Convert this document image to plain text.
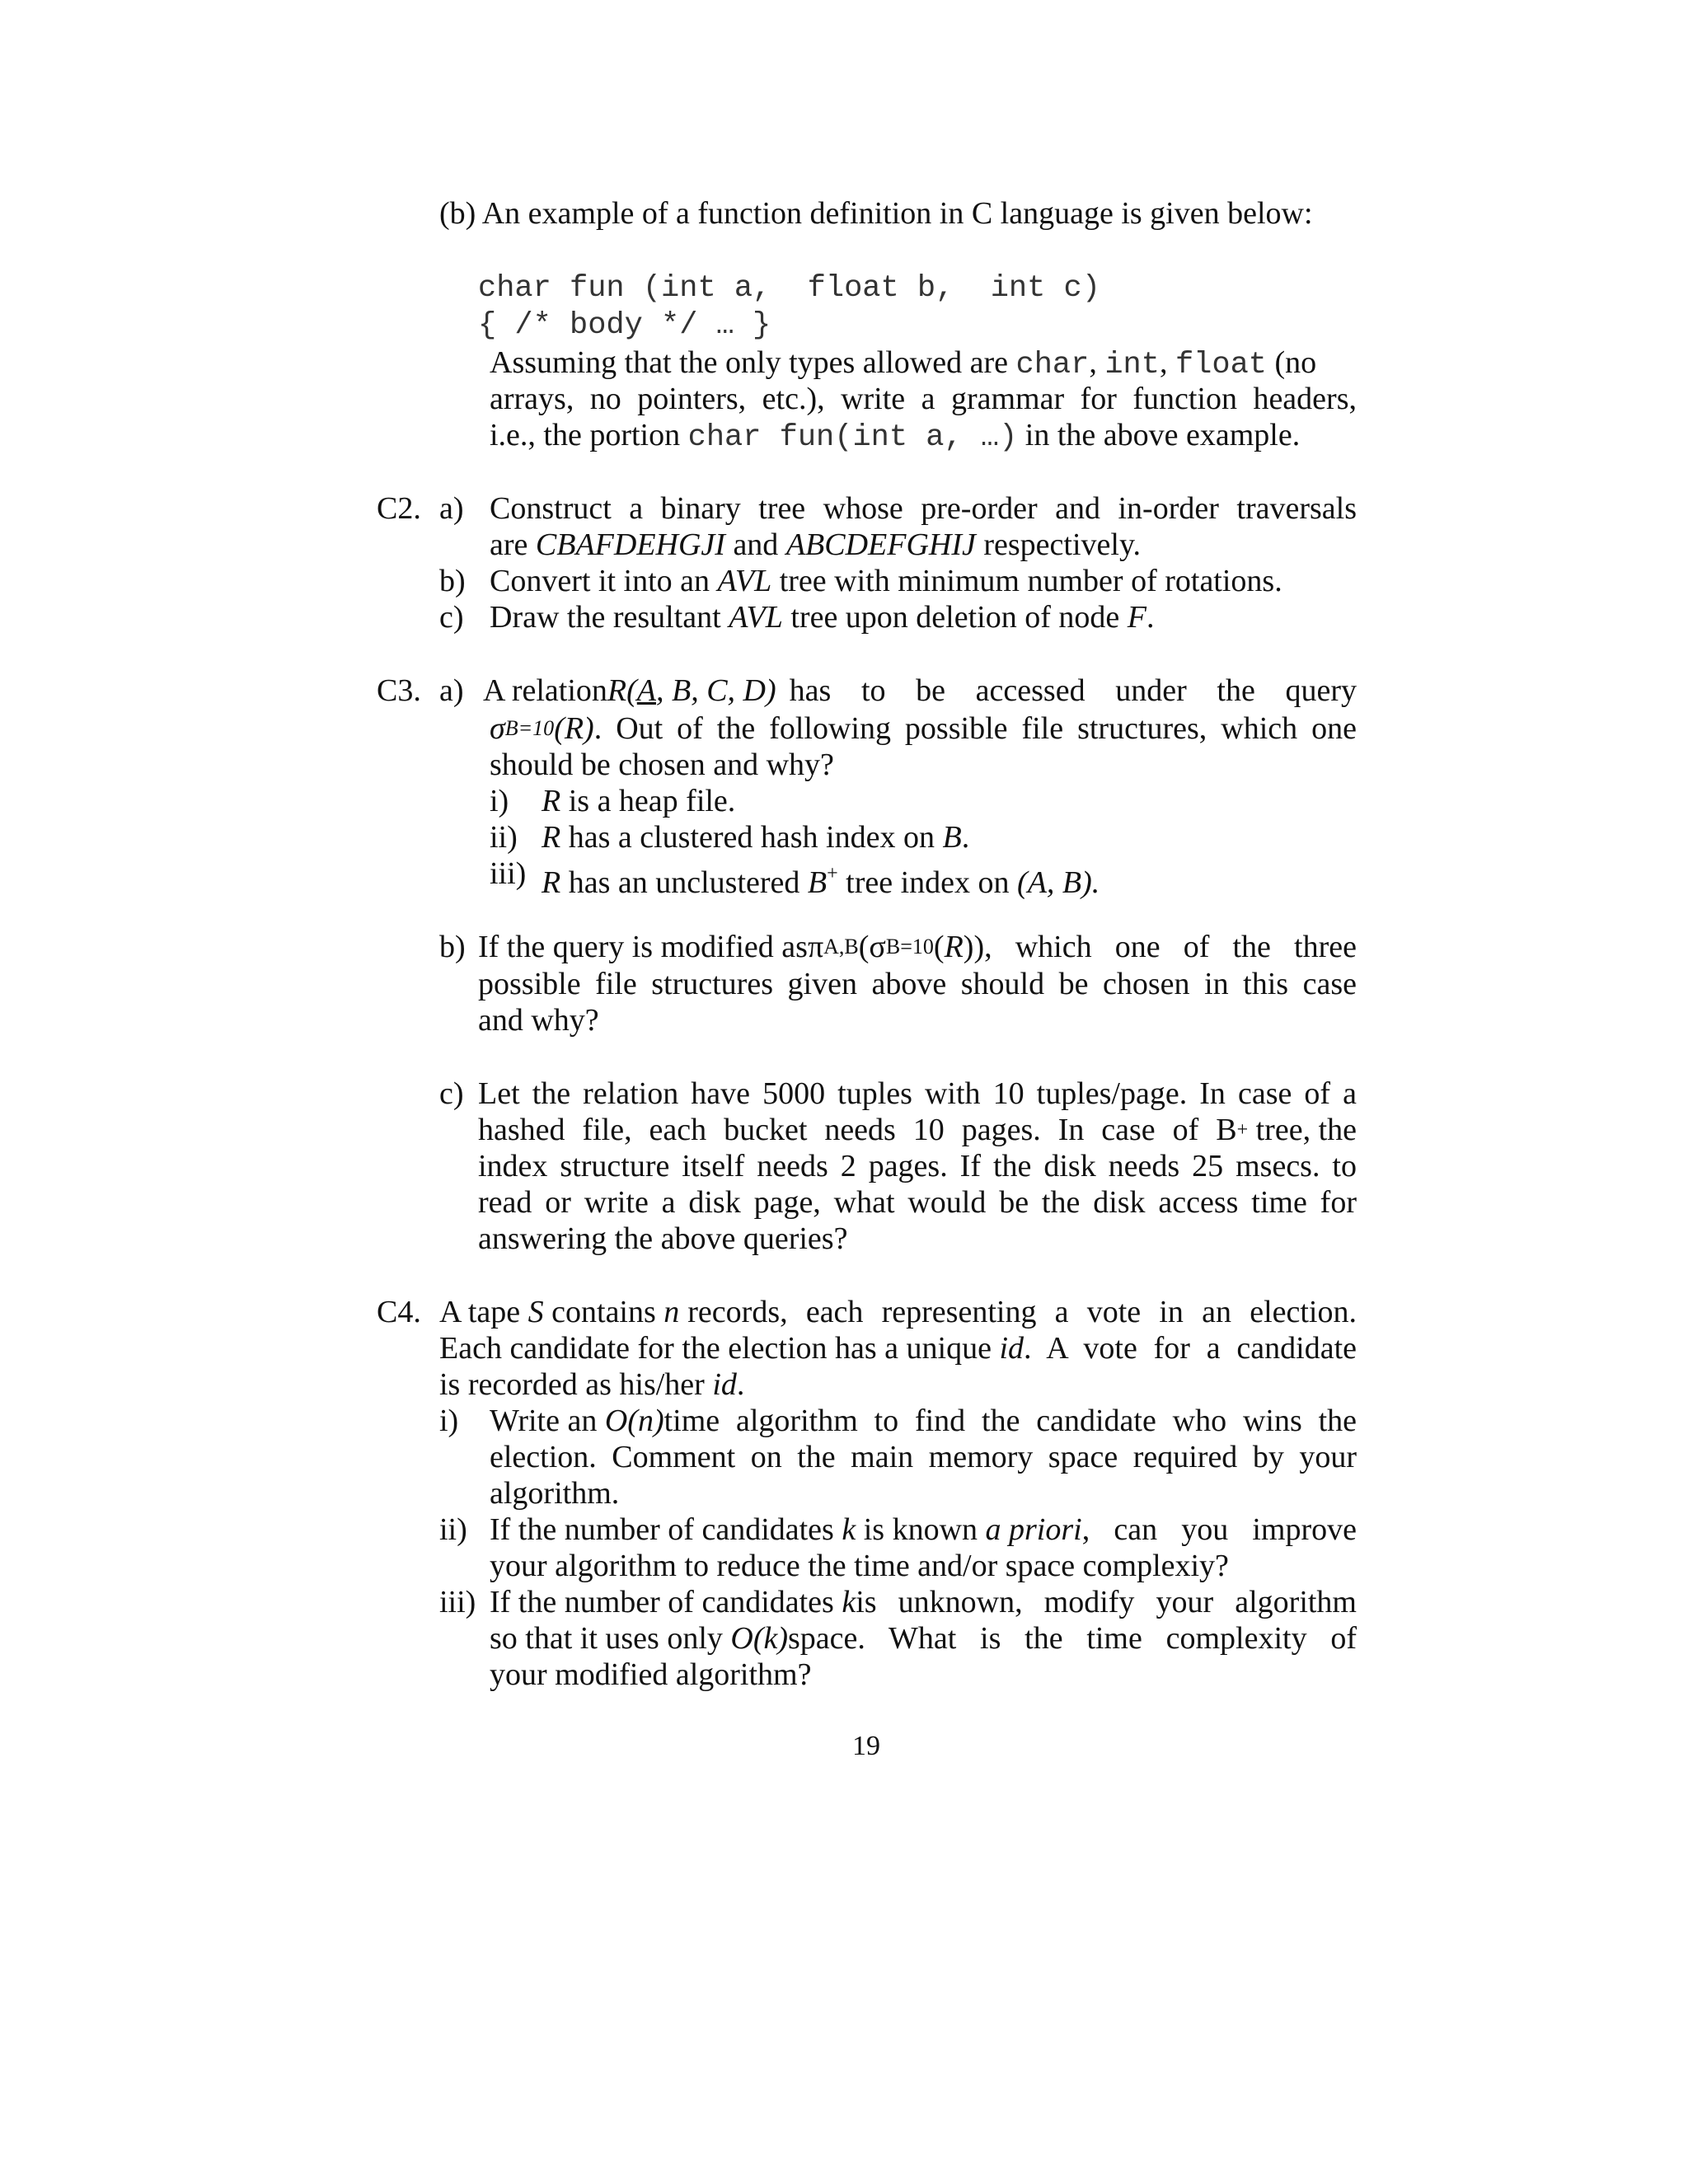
(b) An example of a function definition in C language is given below:
char fun (int a,  float b,  int c)
{ /* body */ … }
Assuming that the only types allowed are char, int, float (no
arrays, no pointers, etc.), write a grammar for function headers,
i.e., the portion char fun(int a, …) in the above example.
C2. a) Construct a binary tree whose pre-order and in-order traversals
are CBAFDEHGJI and ABCDEFGHIJ respectively.
b) Convert it into an AVL tree with minimum number of rotations.
c) Draw the resultant AVL tree upon deletion of node F.
C3. a) A relation R(A, B, C, D) has to be accessed under the query
σ B=10 (R) . Out of the following possible file structures, which one
should be chosen and why?
i) R is a heap file.
ii) R has a clustered hash index on B.
iii) R has an unclustered B+ tree index on (A, B).
b) If the query is modified as π A,B (σ B=10 ( R )) , which one of the three
possible file structures given above should be chosen in this case
and why?
c) Let the relation have 5000 tuples with 10 tuples/page. In case of a
hashed file, each bucket needs 10 pages. In case of B + tree, the
index structure itself needs 2 pages. If the disk needs 25 msecs. to
read or write a disk page, what would be the disk access time for
answering the above queries?
C4. A tape S contains n records, each representing a vote in an election.
Each candidate for the election has a unique id . A vote for a candidate
is recorded as his/her id.
i) Write an O(n) time algorithm to find the candidate who wins the
election. Comment on the main memory space required by your
algorithm.
ii) If the number of candidates k is known a priori , can you improve
your algorithm to reduce the time and/or space complexiy?
iii) If the number of candidates k is unknown, modify your algorithm
so that it uses only O(k) space. What is the time complexity of
your modified algorithm?
19
